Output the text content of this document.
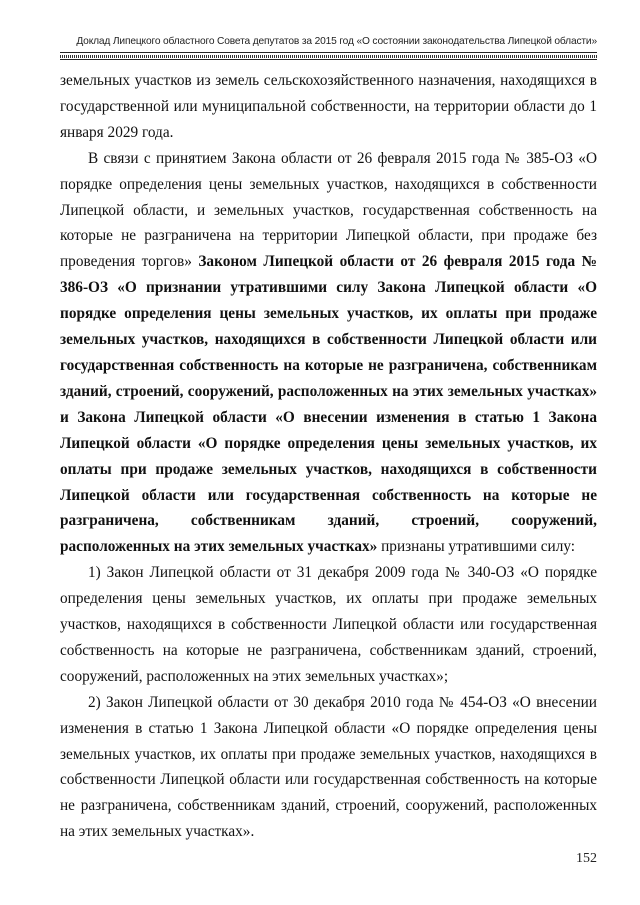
Доклад Липецкого областного Совета депутатов за 2015 год «О состоянии законодательства Липецкой области»

земельных участков из земель сельскохозяйственного назначения, находящихся в государственной или муниципальной собственности, на территории области до 1 января 2029 года.

В связи с принятием Закона области от 26 февраля 2015 года № 385-ОЗ «О порядке определения цены земельных участков, находящихся в собственности Липецкой области, и земельных участков, государственная собственность на которые не разграничена на территории Липецкой области, при продаже без проведения торгов» Законом Липецкой области от 26 февраля 2015 года № 386-ОЗ «О признании утратившими силу Закона Липецкой области «О порядке определения цены земельных участков, их оплаты при продаже земельных участков, находящихся в собственности Липецкой области или государственная собственность на которые не разграничена, собственникам зданий, строений, сооружений, расположенных на этих земельных участках» и Закона Липецкой области «О внесении изменения в статью 1 Закона Липецкой области «О порядке определения цены земельных участков, их оплаты при продаже земельных участков, находящихся в собственности Липецкой области или государственная собственность на которые не разграничена, собственникам зданий, строений, сооружений, расположенных на этих земельных участках» признаны утратившими силу:

1) Закон Липецкой области от 31 декабря 2009 года № 340-ОЗ «О порядке определения цены земельных участков, их оплаты при продаже земельных участков, находящихся в собственности Липецкой области или государственная собственность на которые не разграничена, собственникам зданий, строений, сооружений, расположенных на этих земельных участках»;

2) Закон Липецкой области от 30 декабря 2010 года № 454-ОЗ «О внесении изменения в статью 1 Закона Липецкой области «О порядке определения цены земельных участков, их оплаты при продаже земельных участков, находящихся в собственности Липецкой области или государственная собственность на которые не разграничена, собственникам зданий, строений, сооружений, расположенных на этих земельных участках».

152
